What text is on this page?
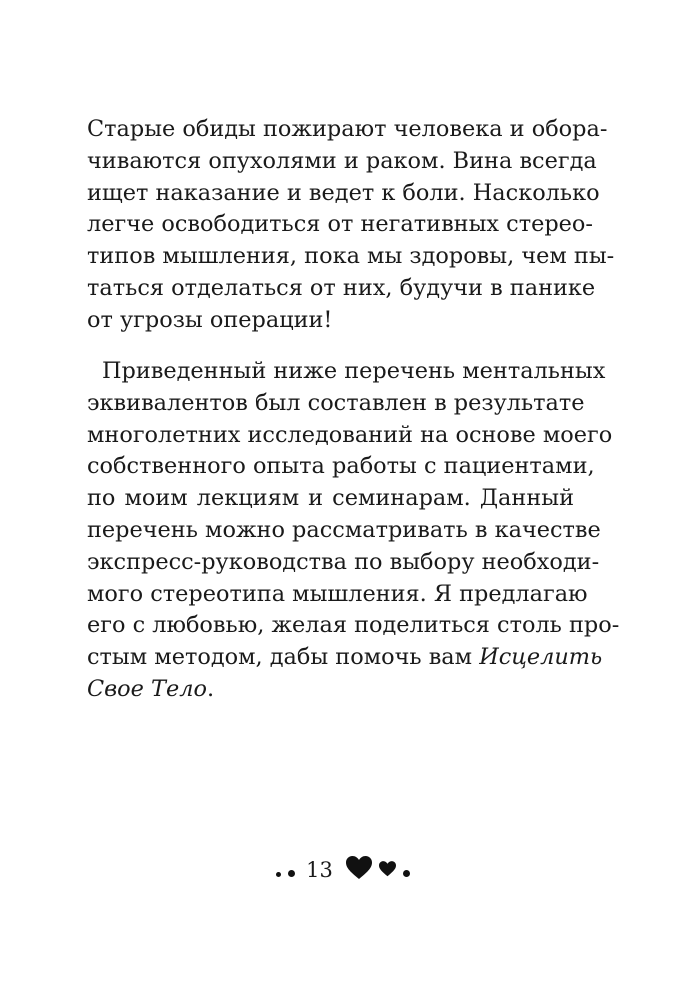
Старые обиды пожирают человека и обора-
чиваются опухолями и раком. Вина всегда
ищет наказание и ведет к боли. Насколько
легче освободиться от негативных стерео-
типов мышления, пока мы здоровы, чем пы-
таться отделаться от них, будучи в панике
от угрозы операции!
Приведенный ниже перечень ментальных
эквивалентов был составлен в результате
многолетних исследований на основе моего
собственного опыта работы с пациентами,
по моим лекциям и семинарам. Данный
перечень можно рассматривать в качестве
экспресс-руководства по выбору необходи-
мого стереотипа мышления. Я предлагаю
его с любовью, желая поделиться столь про-
стым методом, дабы помочь вам Исцелить
Свое Тело.
13
